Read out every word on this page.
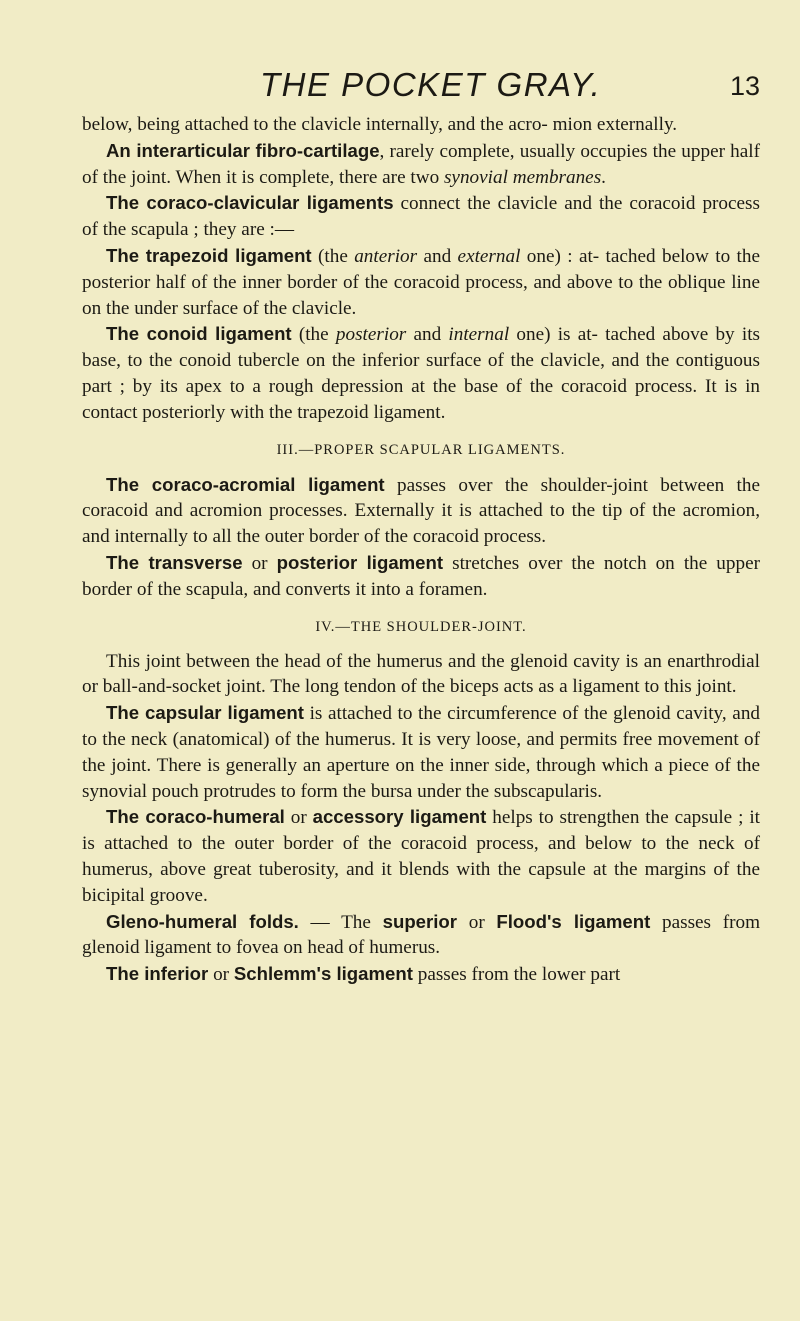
THE POCKET GRAY.	13

below, being attached to the clavicle internally, and the acro- mion externally.

An interarticular fibro-cartilage, rarely complete, usually occupies the upper half of the joint. When it is complete, there are two synovial membranes.

The coraco-clavicular ligaments connect the clavicle and the coracoid process of the scapula ; they are :—

The trapezoid ligament (the anterior and external one) : at- tached below to the posterior half of the inner border of the coracoid process, and above to the oblique line on the under surface of the clavicle.

The conoid ligament (the posterior and internal one) is at- tached above by its base, to the conoid tubercle on the inferior surface of the clavicle, and the contiguous part ; by its apex to a rough depression at the base of the coracoid process. It is in contact posteriorly with the trapezoid ligament.

III.—PROPER SCAPULAR LIGAMENTS.

The coraco-acromial ligament passes over the shoulder-joint between the coracoid and acromion processes. Externally it is attached to the tip of the acromion, and internally to all the outer border of the coracoid process.

The transverse or posterior ligament stretches over the notch on the upper border of the scapula, and converts it into a foramen.

IV.—THE SHOULDER-JOINT.

This joint between the head of the humerus and the glenoid cavity is an enarthrodial or ball-and-socket joint. The long tendon of the biceps acts as a ligament to this joint.

The capsular ligament is attached to the circumference of the glenoid cavity, and to the neck (anatomical) of the humerus. It is very loose, and permits free movement of the joint. There is generally an aperture on the inner side, through which a piece of the synovial pouch protrudes to form the bursa under the subscapularis.

The coraco-humeral or accessory ligament helps to strengthen the capsule ; it is attached to the outer border of the coracoid process, and below to the neck of humerus, above great tuberosity, and it blends with the capsule at the margins of the bicipital groove.

Gleno-humeral folds. — The superior or Flood's ligament passes from glenoid ligament to fovea on head of humerus.

The inferior or Schlemm's ligament passes from the lower part
